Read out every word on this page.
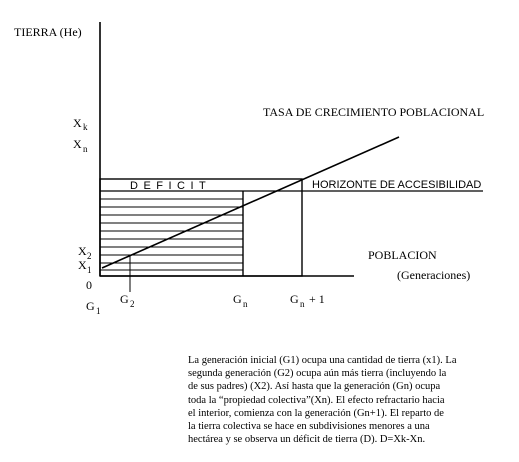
TIERRA (He)
TASA DE CRECIMIENTO POBLACIONAL
DEFICIT	HORIZONTE DE ACCESIBILIDAD
POBLACION
(Generaciones)
0
X k
X n
X 2
X 1
G 1
G 2	G n	G n + 1
La generación inicial (G1) ocupa una cantidad de tierra (x1). La
segunda generación (G2) ocupa aún más tierra (incluyendo la
de sus padres) (X2). Así hasta que la generación (Gn) ocupa
toda la “propiedad colectiva”(Xn). El efecto refractario hacia
el interior, comienza con la generación (Gn+1). El reparto de
la tierra colectiva se hace en subdivisiones menores a una
hectárea y se observa un déficit de tierra (D). D=Xk-Xn.
